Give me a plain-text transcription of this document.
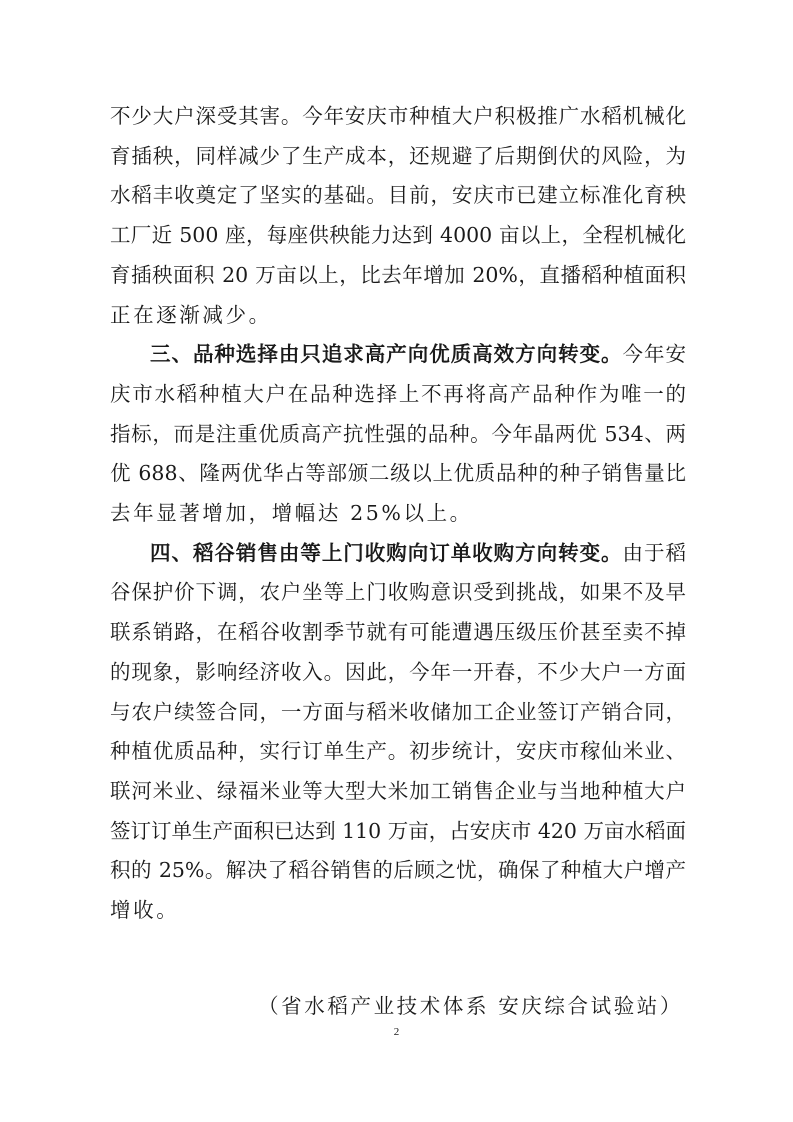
不少大户深受其害。今年安庆市种植大户积极推广水稻机械化
育插秧，同样减少了生产成本，还规避了后期倒伏的风险，为
水稻丰收奠定了坚实的基础。目前，安庆市已建立标准化育秧
工厂近 500 座，每座供秧能力达到 4000 亩以上，全程机械化
育插秧面积 20 万亩以上，比去年增加 20%，直播稻种植面积
正在逐渐减少。
三、品种选择由只追求高产向优质高效方向转变。今年安
庆市水稻种植大户在品种选择上不再将高产品种作为唯一的
指标，而是注重优质高产抗性强的品种。今年晶两优 534、两
优 688、隆两优华占等部颁二级以上优质品种的种子销售量比
去年显著增加，增幅达 25%以上。
四、稻谷销售由等上门收购向订单收购方向转变。由于稻
谷保护价下调，农户坐等上门收购意识受到挑战，如果不及早
联系销路，在稻谷收割季节就有可能遭遇压级压价甚至卖不掉
的现象，影响经济收入。因此，今年一开春，不少大户一方面
与农户续签合同，一方面与稻米收储加工企业签订产销合同，
种植优质品种，实行订单生产。初步统计，安庆市稼仙米业、
联河米业、绿福米业等大型大米加工销售企业与当地种植大户
签订订单生产面积已达到 110 万亩，占安庆市 420 万亩水稻面
积的 25%。解决了稻谷销售的后顾之忧，确保了种植大户增产
增收。
（省水稻产业技术体系 安庆综合试验站）
2
